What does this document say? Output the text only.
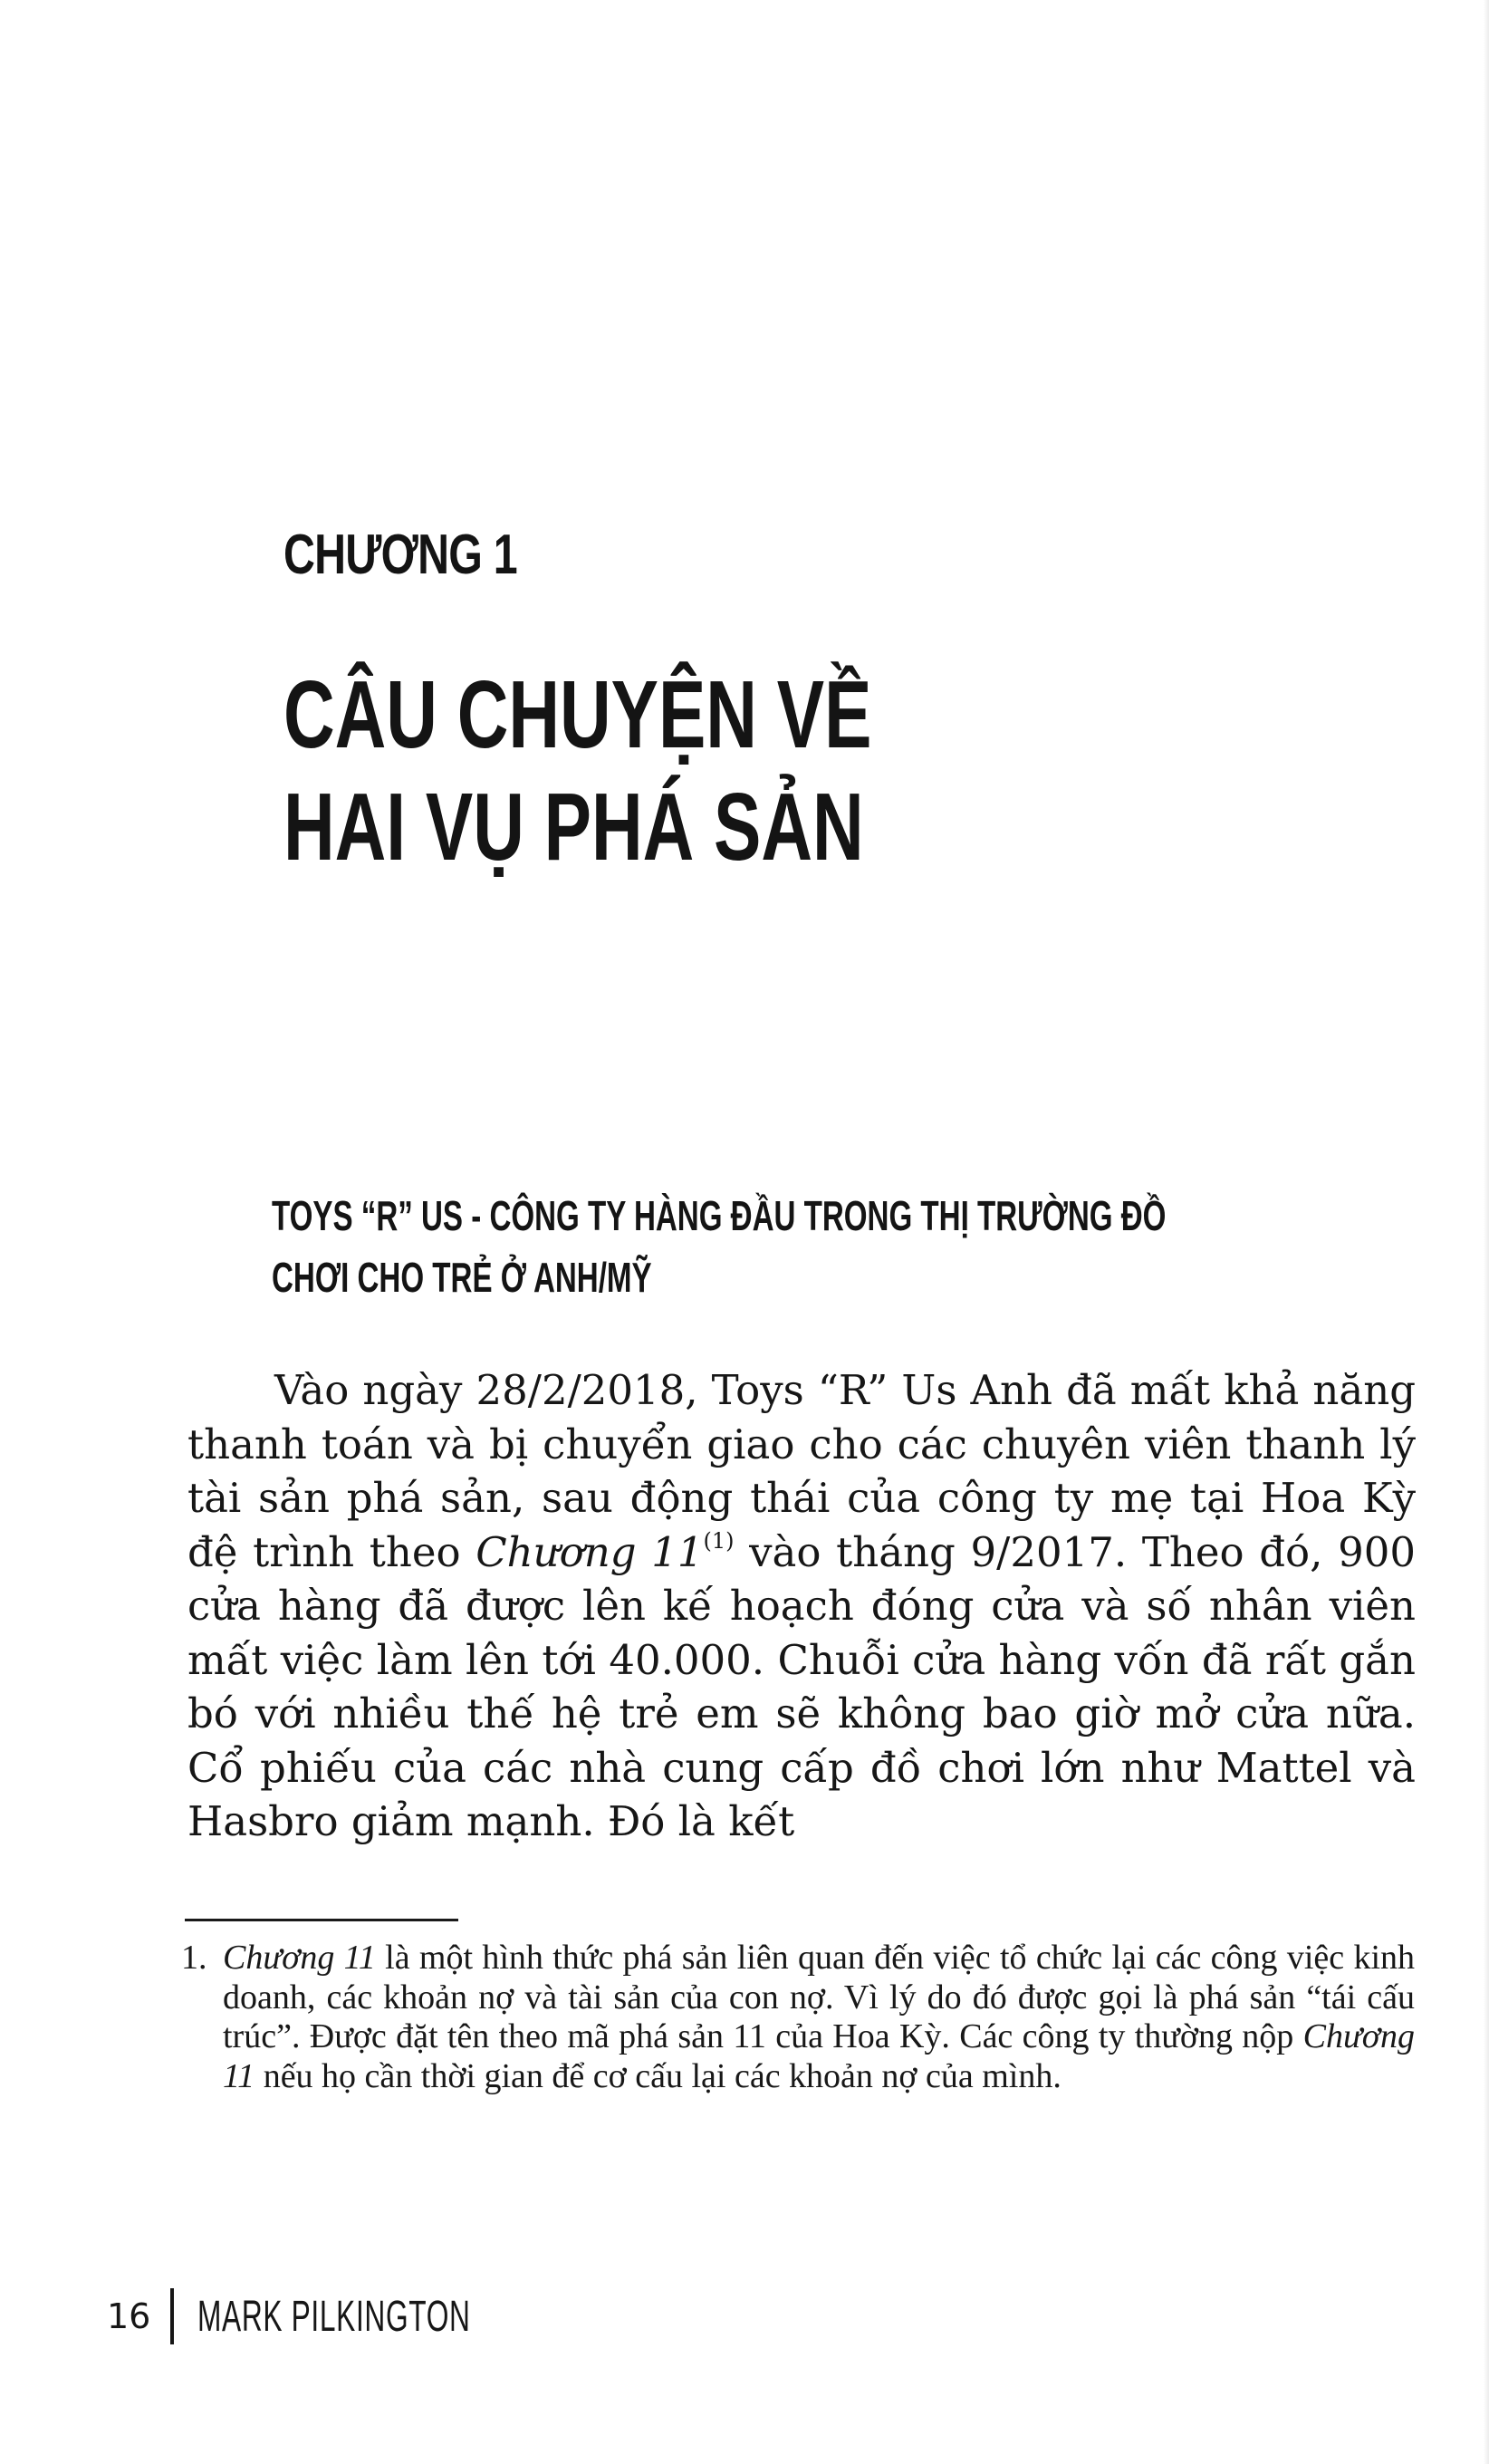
CHƯƠNG 1
CÂU CHUYỆN VỀ
HAI VỤ PHÁ SẢN
TOYS “R” US - CÔNG TY HÀNG ĐẦU TRONG THỊ TRƯỜNG ĐỒ CHƠI CHO TRẺ Ở ANH/MỸ

Vào ngày 28/2/2018, Toys “R” Us Anh đã mất khả năng thanh toán và bị chuyển giao cho các chuyên viên thanh lý tài sản phá sản, sau động thái của công ty mẹ tại Hoa Kỳ đệ trình theo Chương 11$^{(1)}$ vào tháng 9/2017. Theo đó, 900 cửa hàng đã được lên kế hoạch đóng cửa và số nhân viên mất việc làm lên tới 40.000. Chuỗi cửa hàng vốn đã rất gắn bó với nhiều thế hệ trẻ em sẽ không bao giờ mở cửa nữa. Cổ phiếu của các nhà cung cấp đồ chơi lớn như Mattel và Hasbro giảm mạnh. Đó là kết

1. Chương 11 là một hình thức phá sản liên quan đến việc tổ chức lại các công việc kinh doanh, các khoản nợ và tài sản của con nợ. Vì lý do đó được gọi là phá sản “tái cấu trúc”. Được đặt tên theo mã phá sản 11 của Hoa Kỳ. Các công ty thường nộp Chương 11 nếu họ cần thời gian để cơ cấu lại các khoản nợ của mình.

16 MARK PILKINGTON
